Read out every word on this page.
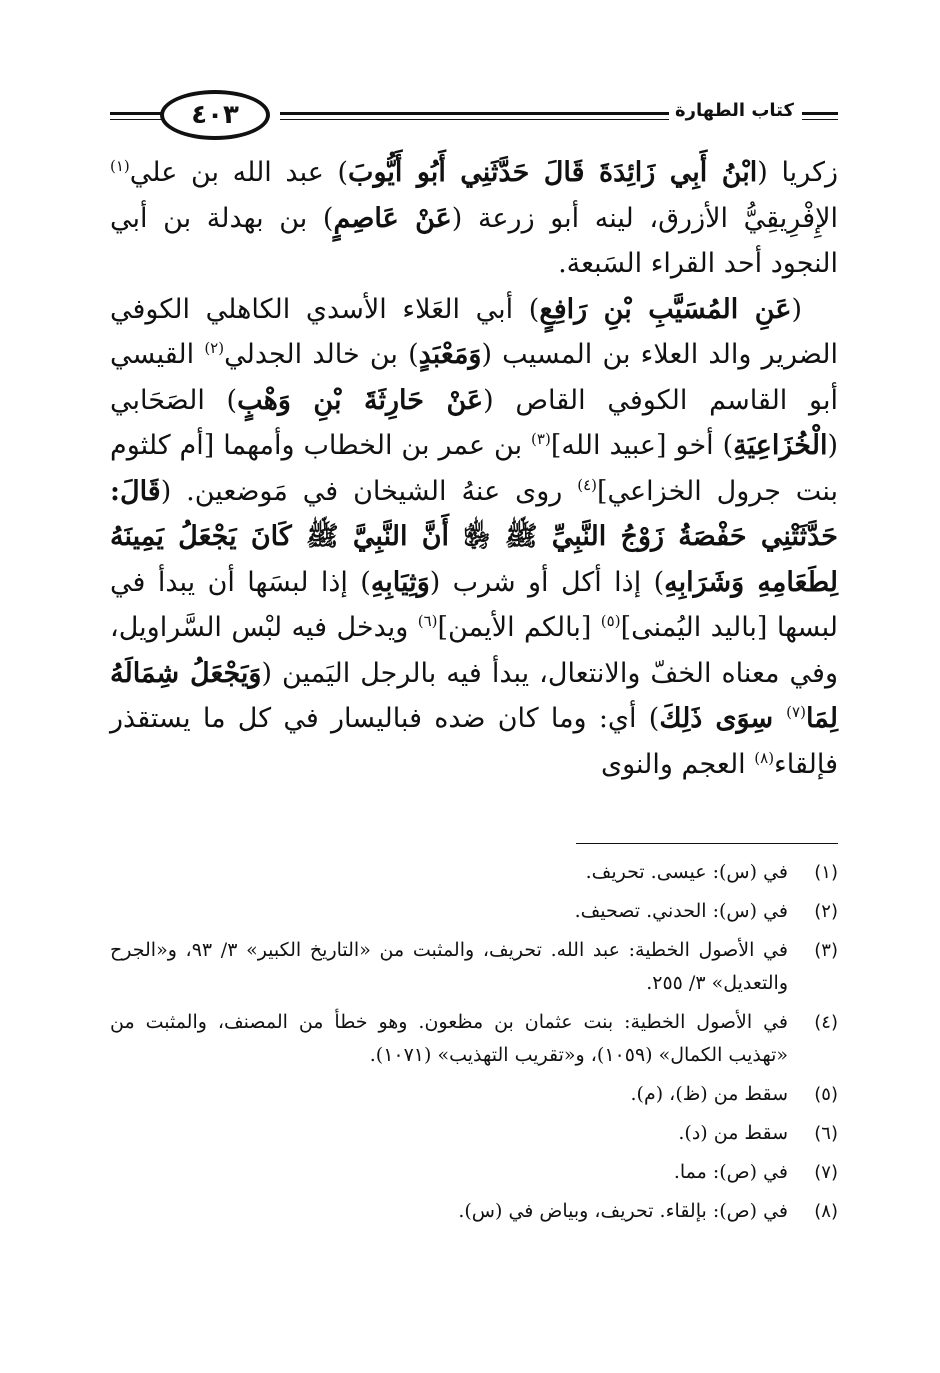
٤٠٣	كتاب الطهارة

زكريا (ابْنُ أَبِي زَائِدَةَ قَالَ حَدَّثَنِي أَبُو أَيُّوبَ) عبد الله بن علي$^{(١)}$ الإِفْرِيقِيُّ الأزرق، لينه أبو زرعة (عَنْ عَاصِمٍ) بن بهدلة بن أبي النجود أحد القراء السَبعة.

(عَنِ المُسَيَّبِ بْنِ رَافِعٍ) أبي العَلاء الأسدي الكاهلي الكوفي الضرير والد العلاء بن المسيب (وَمَعْبَدٍ) بن خالد الجدلي$^{(٢)}$ القيسي أبو القاسم الكوفي القاص (عَنْ حَارِثَةَ بْنِ وَهْبٍ) الصَحَابي (الْخُزَاعِيَةِ) أخو [عبيد الله]$^{(٣)}$ بن عمر بن الخطاب وأمهما [أم كلثوم بنت جرول الخزاعي]$^{(٤)}$ روى عنهُ الشيخان في مَوضعين. (قَالَ: حَدَّثَتْنِي حَفْصَةُ زَوْجُ النَّبِيِّ ﷺ ﵂ أَنَّ النَّبِيَّ ﷺ كَانَ يَجْعَلُ يَمِينَهُ لِطَعَامِهِ وَشَرَابِهِ) إذا أكل أو شرب (وَثِيَابِهِ) إذا لبسَها أن يبدأ في لبسها [باليد اليُمنى]$^{(٥)}$ [بالكم الأيمن]$^{(٦)}$ ويدخل فيه لبْس السَّراويل، وفي معناه الخفّ والانتعال، يبدأ فيه بالرجل اليَمين (وَيَجْعَلُ شِمَالَهُ لِمَا$^{(٧)}$ سِوَى ذَلِكَ) أي: وما كان ضده فباليسار في كل ما يستقذر فإلقاء$^{(٨)}$ العجم والنوى

(١)
في (س): عيسى. تحريف.
(٢)
في (س): الحدني. تصحيف.
(٣)
في الأصول الخطية: عبد الله. تحريف، والمثبت من «التاريخ الكبير» ٣/ ٩٣، و«الجرح والتعديل» ٣/ ٢٥٥.
(٤)
في الأصول الخطية: بنت عثمان بن مظعون. وهو خطأ من المصنف، والمثبت من «تهذيب الكمال» (١٠٥٩)، و«تقريب التهذيب» (١٠٧١).
(٥)
سقط من (ظ)، (م).
(٦)
سقط من (د).
(٧)
في (ص): مما.
(٨)
في (ص): بإلقاء. تحريف، وبياض في (س).
